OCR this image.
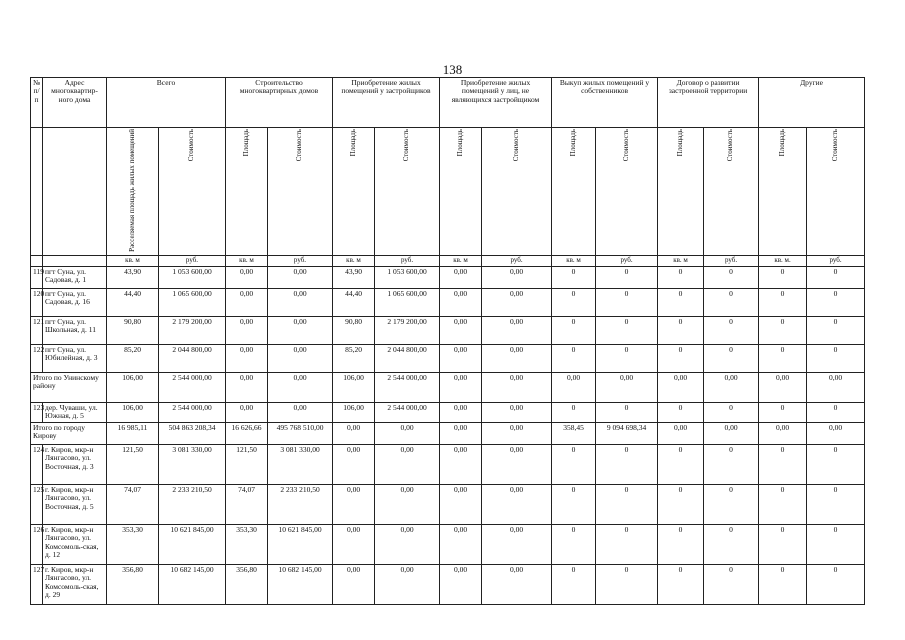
138
№ п/п	Адрес многоквартир-ного дома	Всего		Строительство многоквартирных домов		Приобретение жилых помещений у застройщиков		Приобретение жилых помещений у лиц, не являющихся застройщиком		Выкуп жилых помещений у собственников		Договор о развитии застроенной территории		Другие	
		Расселяемая площадь жилых помещений	Стоимость	Площадь	Стоимость	Площадь	Стоимость	Площадь	Стоимость	Площадь	Стоимость	Площадь	Стоимость	Площадь	Стоимость
		кв. м	руб.	кв. м	руб.	кв. м	руб.	кв. м	руб.	кв. м	руб.	кв. м	руб.	кв. м.	руб.
119	пгт Суна, ул. Садовая, д. 1	43,90	1 053 600,00	0,00	0,00	43,90	1 053 600,00	0,00	0,00	0	0	0	0	0	0
120	пгт Суна, ул. Садовая, д. 16	44,40	1 065 600,00	0,00	0,00	44,40	1 065 600,00	0,00	0,00	0	0	0	0	0	0
121	пгт Суна, ул. Школьная, д. 11	90,80	2 179 200,00	0,00	0,00	90,80	2 179 200,00	0,00	0,00	0	0	0	0	0	0
122	пгт Суна, ул. Юбилейная, д. 3	85,20	2 044 800,00	0,00	0,00	85,20	2 044 800,00	0,00	0,00	0	0	0	0	0	0
Итого по Унинскому району		106,00	2 544 000,00	0,00	0,00	106,00	2 544 000,00	0,00	0,00	0,00	0,00	0,00	0,00	0,00	0,00
123	дер. Чуваши, ул. Южная, д. 5	106,00	2 544 000,00	0,00	0,00	106,00	2 544 000,00	0,00	0,00	0	0	0	0	0	0
Итого по городу Кирову		16 985,11	504 863 208,34	16 626,66	495 768 510,00	0,00	0,00	0,00	0,00	358,45	9 094 698,34	0,00	0,00	0,00	0,00
124	г. Киров, мкр-н Лянгасово, ул. Восточная, д. 3	121,50	3 081 330,00	121,50	3 081 330,00	0,00	0,00	0,00	0,00	0	0	0	0	0	0
125	г. Киров, мкр-н Лянгасово, ул. Восточная, д. 5	74,07	2 233 210,50	74,07	2 233 210,50	0,00	0,00	0,00	0,00	0	0	0	0	0	0
126	г. Киров, мкр-н Лянгасово, ул. Комсомоль-ская, д. 12	353,30	10 621 845,00	353,30	10 621 845,00	0,00	0,00	0,00	0,00	0	0	0	0	0	0
127	г. Киров, мкр-н Лянгасово, ул. Комсомоль-ская, д. 29	356,80	10 682 145,00	356,80	10 682 145,00	0,00	0,00	0,00	0,00	0	0	0	0	0	0
